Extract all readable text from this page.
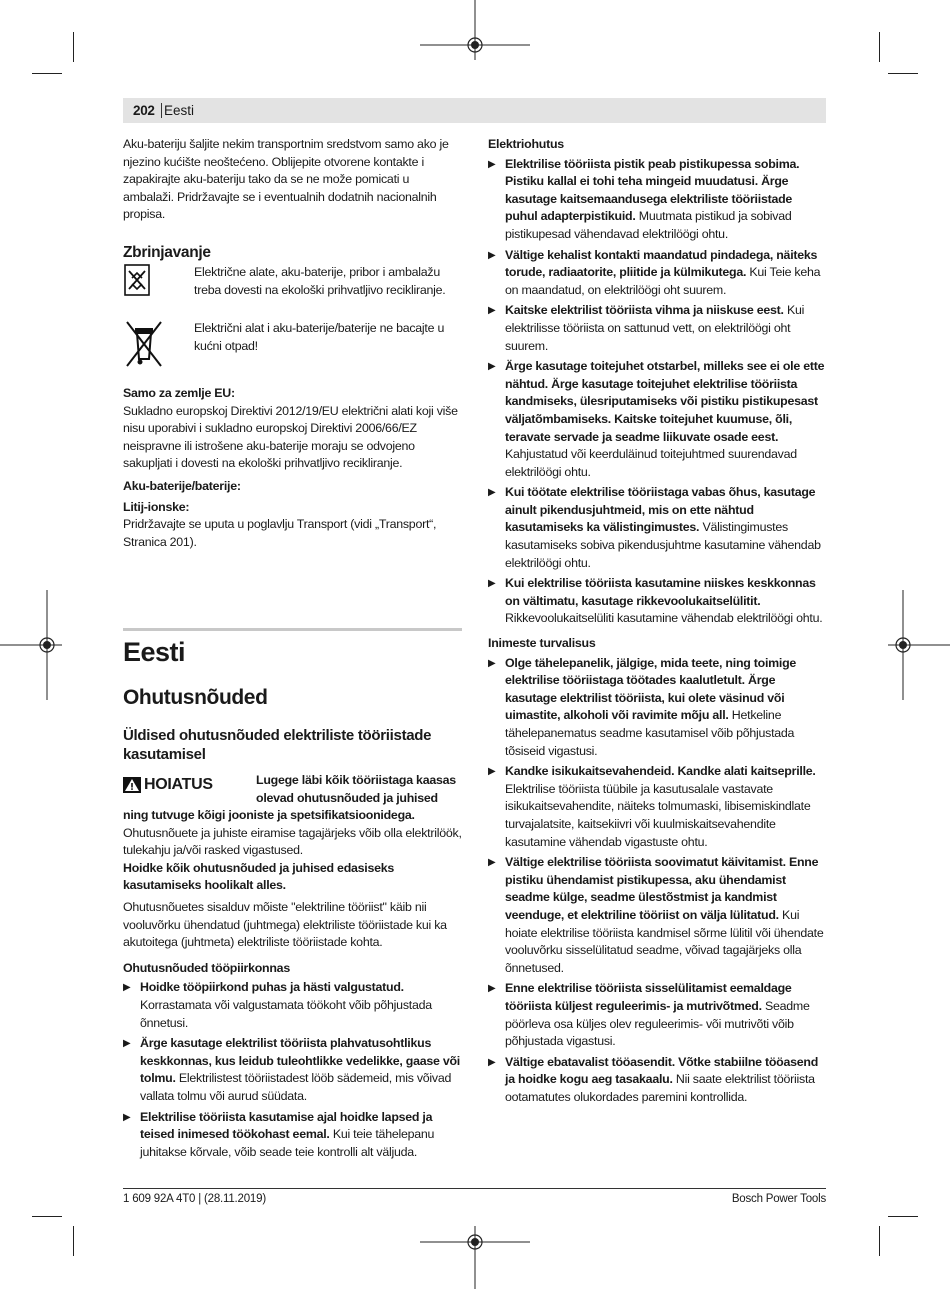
202 Eesti

Aku-bateriju šaljite nekim transportnim sredstvom samo ako je njezino kućište neoštećeno. Oblijepite otvorene kontakte i zapakirajte aku-bateriju tako da se ne može pomicati u ambalaži. Pridržavajte se i eventualnih dodatnih nacionalnih propisa.

Zbrinjavanje
Električne alate, aku-baterije, pribor i ambalažu treba dovesti na ekološki prihvatljivo recikliranje.
Električni alat i aku-baterije/baterije ne bacajte u kućni otpad!

Samo za zemlje EU:

Sukladno europskoj Direktivi 2012/19/EU električni alati koji više nisu uporabivi i sukladno europskoj Direktivi 2006/66/EZ neispravne ili istrošene aku-baterije moraju se odvojeno sakupljati i dovesti na ekološki prihvatljivo recikliranje.

Aku-baterije/baterije:

Litij-ionske:

Pridržavajte se uputa u poglavlju Transport (vidi „Transport“, Stranica 201).

Eesti
Ohutusnõuded
Üldised ohutusnõuded elektriliste tööriistade kasutamisel
HOIATUS	Lugege läbi kõik tööriistaga kaasas olevad ohutusnõuded ja juhised

ning tutvuge kõigi jooniste ja spetsifikatsioonidega.

Ohutusnõuete ja juhiste eiramise tagajärjeks võib olla elektrilöök, tulekahju ja/või rasked vigastused.

Hoidke kõik ohutusnõuded ja juhised edasiseks kasutamiseks hoolikalt alles.

Ohutusnõuetes sisalduv mõiste "elektriline tööriist" käib nii vooluvõrku ühendatud (juhtmega) elektriliste tööriistade kui ka akutoitega (juhtmeta) elektriliste tööriistade kohta.

Ohutusnõuded tööpiirkonnas

▶ Hoidke tööpiirkond puhas ja hästi valgustatud. Korrastamata või valgustamata töökoht võib põhjustada õnnetusi.
▶ Ärge kasutage elektrilist tööriista plahvatusohtlikus keskkonnas, kus leidub tuleohtlikke vedelikke, gaase või tolmu. Elektrilistest tööriistadest lööb sädemeid, mis võivad vallata tolmu või aurud süüdata.
▶ Elektrilise tööriista kasutamise ajal hoidke lapsed ja teised inimesed töökohast eemal. Kui teie tähelepanu juhitakse kõrvale, võib seade teie kontrolli alt väljuda.

Elektriohutus

▶ Elektrilise tööriista pistik peab pistikupessa sobima. Pistiku kallal ei tohi teha mingeid muudatusi. Ärge kasutage kaitsemaandusega elektriliste tööriistade puhul adapterpistikuid. Muutmata pistikud ja sobivad pistikupesad vähendavad elektrilöögi ohtu.
▶ Vältige kehalist kontakti maandatud pindadega, näiteks torude, radiaatorite, pliitide ja külmikutega. Kui Teie keha on maandatud, on elektrilöögi oht suurem.
▶ Kaitske elektrilist tööriista vihma ja niiskuse eest. Kui elektrilisse tööriista on sattunud vett, on elektrilöögi oht suurem.
▶ Ärge kasutage toitejuhet otstarbel, milleks see ei ole ette nähtud. Ärge kasutage toitejuhet elektrilise tööriista kandmiseks, ülesriputamiseks või pistiku pistikupesast väljatõmbamiseks. Kaitske toitejuhet kuumuse, õli, teravate servade ja seadme liikuvate osade eest. Kahjustatud või keerduläinud toitejuhtmed suurendavad elektrilöögi ohtu.
▶ Kui töötate elektrilise tööriistaga vabas õhus, kasutage ainult pikendusjuhtmeid, mis on ette nähtud kasutamiseks ka välistingimustes. Välistingimustes kasutamiseks sobiva pikendusjuhtme kasutamine vähendab elektrilöögi ohtu.
▶ Kui elektrilise tööriista kasutamine niiskes keskkonnas on vältimatu, kasutage rikkevoolukaitselülitit. Rikkevoolukaitselüliti kasutamine vähendab elektrilöögi ohtu.

Inimeste turvalisus

▶ Olge tähelepanelik, jälgige, mida teete, ning toimige elektrilise tööriistaga töötades kaalutletult. Ärge kasutage elektrilist tööriista, kui olete väsinud või uimastite, alkoholi või ravimite mõju all. Hetkeline tähelepanematus seadme kasutamisel võib põhjustada tõsiseid vigastusi.
▶ Kandke isikukaitsevahendeid. Kandke alati kaitseprille. Elektrilise tööriista tüübile ja kasutusalale vastavate isikukaitsevahendite, näiteks tolmumaski, libisemiskindlate turvajalatsite, kaitsekiivri või kuulmiskaitsevahendite kasutamine vähendab vigastuste ohtu.
▶ Vältige elektrilise tööriista soovimatut käivitamist. Enne pistiku ühendamist pistikupessa, aku ühendamist seadme külge, seadme ülestõstmist ja kandmist veenduge, et elektriline tööriist on välja lülitatud. Kui hoiate elektrilise tööriista kandmisel sõrme lülitil või ühendate vooluvõrku sisselülitatud seadme, võivad tagajärjeks olla õnnetused.
▶ Enne elektrilise tööriista sisselülitamist eemaldage tööriista küljest reguleerimis- ja mutrivõtmed. Seadme pöörleva osa küljes olev reguleerimis- või mutrivõti võib põhjustada vigastusi.
▶ Vältige ebatavalist tööasendit. Võtke stabiilne tööasend ja hoidke kogu aeg tasakaalu. Nii saate elektrilist tööriista ootamatutes olukordades paremini kontrollida.
1 609 92A 4T0 | (28.11.2019)	Bosch Power Tools
